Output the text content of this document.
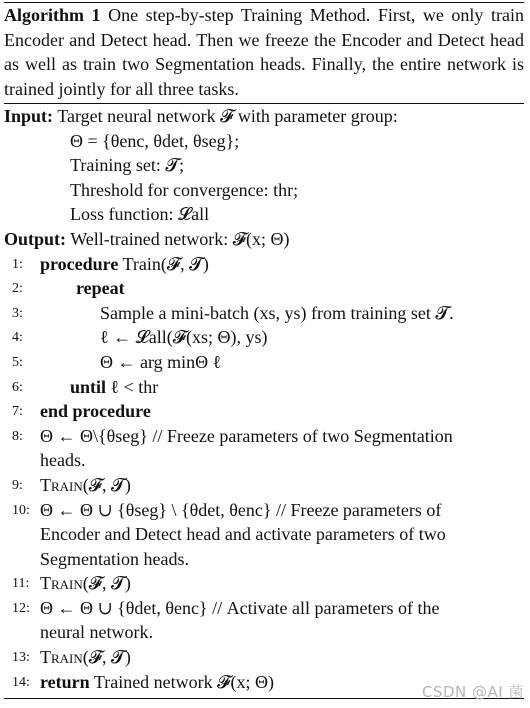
Algorithm 1 One step-by-step Training Method. First, we only train Encoder and Detect head. Then we freeze the Encoder and Detect head as well as train two Segmentation heads. Finally, the entire network is trained jointly for all three tasks.
Input: Target neural network 𝓕 with parameter group:
Θ = {θenc, θdet, θseg};
Training set: 𝓣;
Threshold for convergence: thr;
Loss function: 𝓛all
Output: Well-trained network: 𝓕(x; Θ)
1: procedure Train(𝓕, 𝓣)
2:	repeat
3:	Sample a mini-batch (xs, ys) from training set 𝓣.
4:	ℓ ← 𝓛all(𝓕(xs; Θ), ys)
5:	Θ ← arg minΘ ℓ
6:	until ℓ < thr
7: end procedure
8: Θ ← Θ\{θseg} // Freeze parameters of two Segmentation
heads.
9: Train(𝓕, 𝓣)
10: Θ ← Θ ∪ {θseg} \ {θdet, θenc} // Freeze parameters of
Encoder and Detect head and activate parameters of two
Segmentation heads.
11: Train(𝓕, 𝓣)
12: Θ ← Θ ∪ {θdet, θenc} // Activate all parameters of the
neural network.
13: Train(𝓕, 𝓣)
14: return Trained network 𝓕(x; Θ)
CSDN @AI 菌
